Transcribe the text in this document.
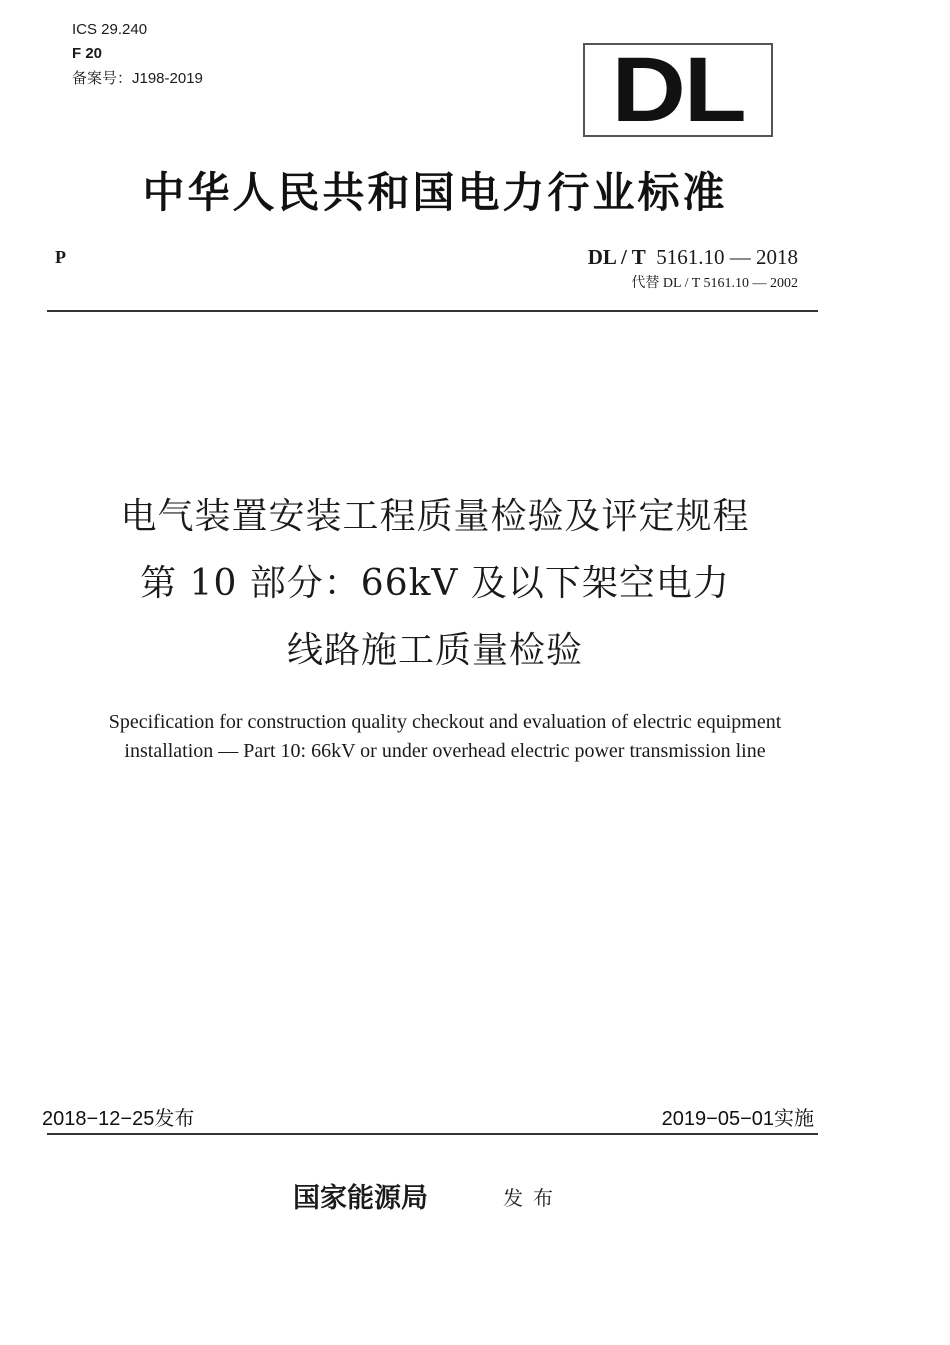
ICS 29.240
F 20
备案号：J198-2019	DL
中华人民共和国电力行业标准
P	DL / T 5161.10 — 2018
代替 DL / T 5161.10 — 2002
电气装置安装工程质量检验及评定规程
第 10 部分：66kV 及以下架空电力
线路施工质量检验
Specification for construction quality checkout and evaluation of electric equipment
installation — Part 10: 66kV or under overhead electric power transmission line
2018−12−25发布	2019−05−01实施
国家能源局	发布
